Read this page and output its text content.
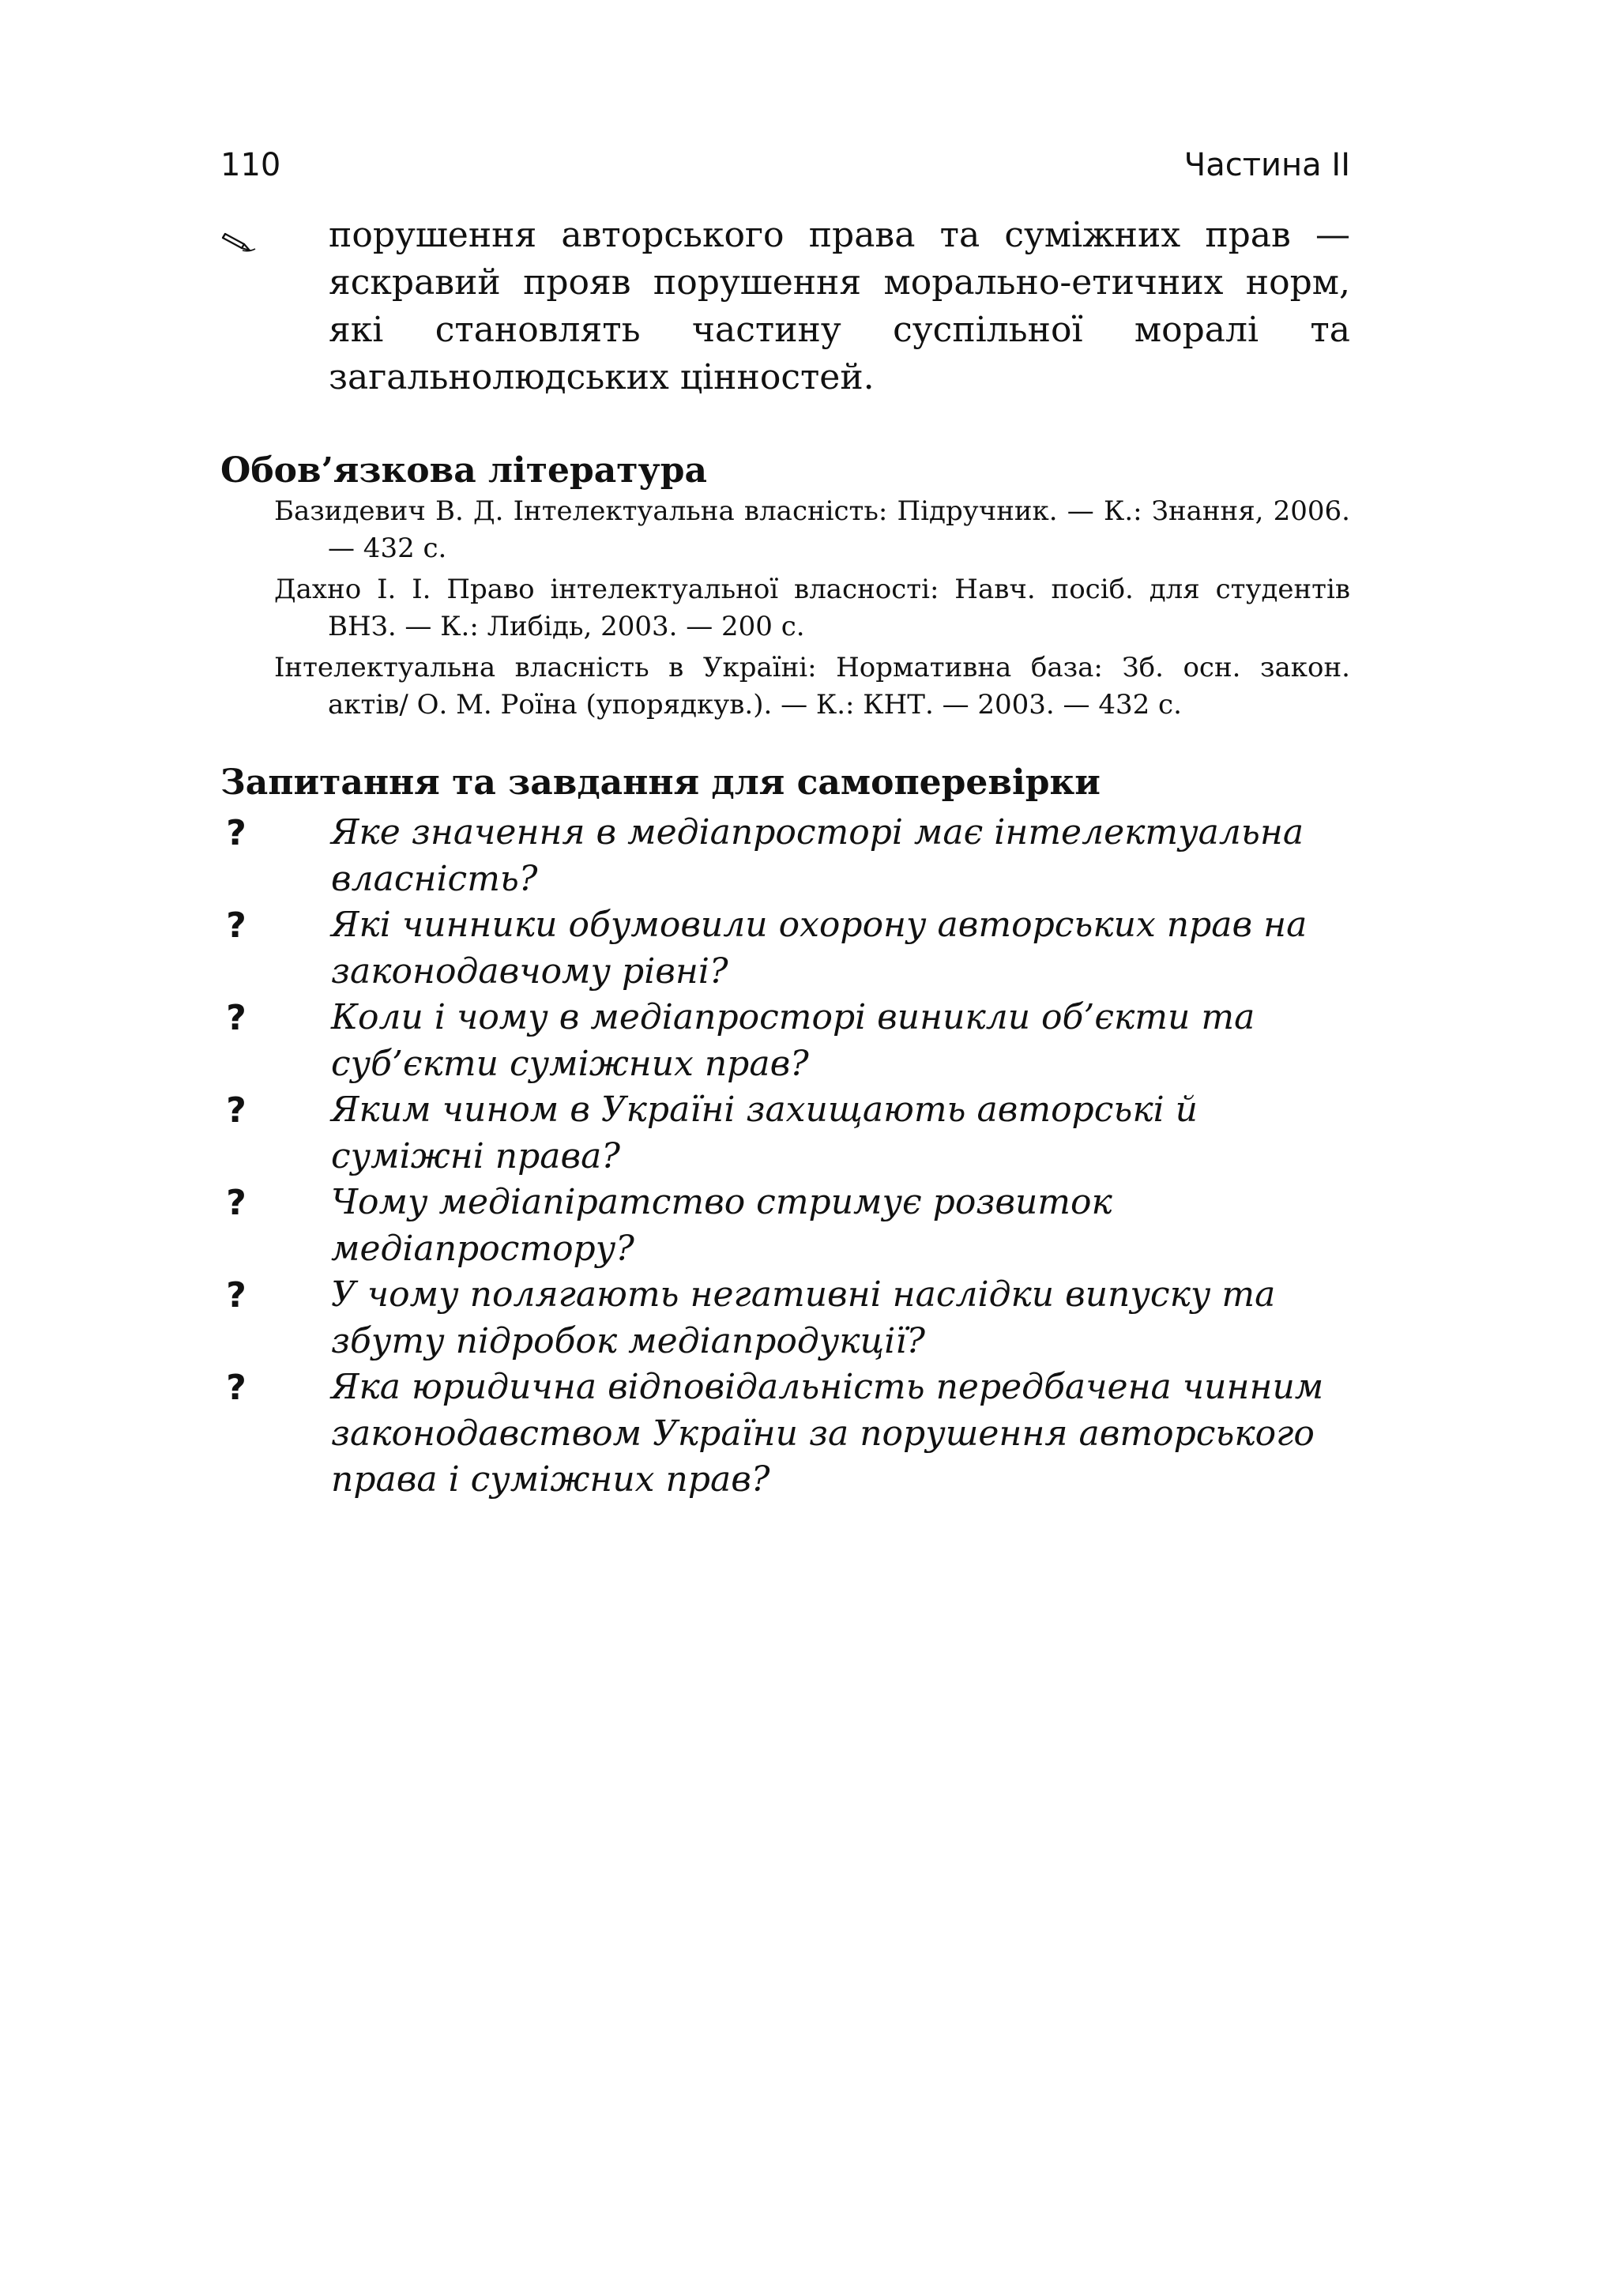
110	Частина II
порушення авторського права та суміжних прав — яскравий прояв порушення морально-етичних норм, які становлять частину суспільної моралі та загальнолюдських цінностей.
Обов’язкова література

Базидевич В. Д. Інтелектуальна власність: Підручник. — К.: Знання, 2006. — 432 с.

Дахно І. І. Право інтелектуальної власності: Навч. посіб. для студентів ВНЗ. — К.: Либідь, 2003. — 200 с.

Інтелектуальна власність в Україні: Нормативна база: Зб. осн. закон. актів/ О. М. Роїна (упорядкув.). — К.: КНТ. — 2003. — 432 с.

Запитання та завдання для самоперевірки
? Яке значення в медіапросторі має інтелектуальна власність?
? Які чинники обумовили охорону авторських прав на законодавчому рівні?
? Коли і чому в медіапросторі виникли об’єкти та суб’єкти суміжних прав?
? Яким чином в Україні захищають авторські й суміжні права?
? Чому медіапіратство стримує розвиток медіапростору?
? У чому полягають негативні наслідки випуску та збуту підробок медіапродукції?
? Яка юридична відповідальність передбачена чинним законодавством України за порушення авторського права і суміжних прав?
